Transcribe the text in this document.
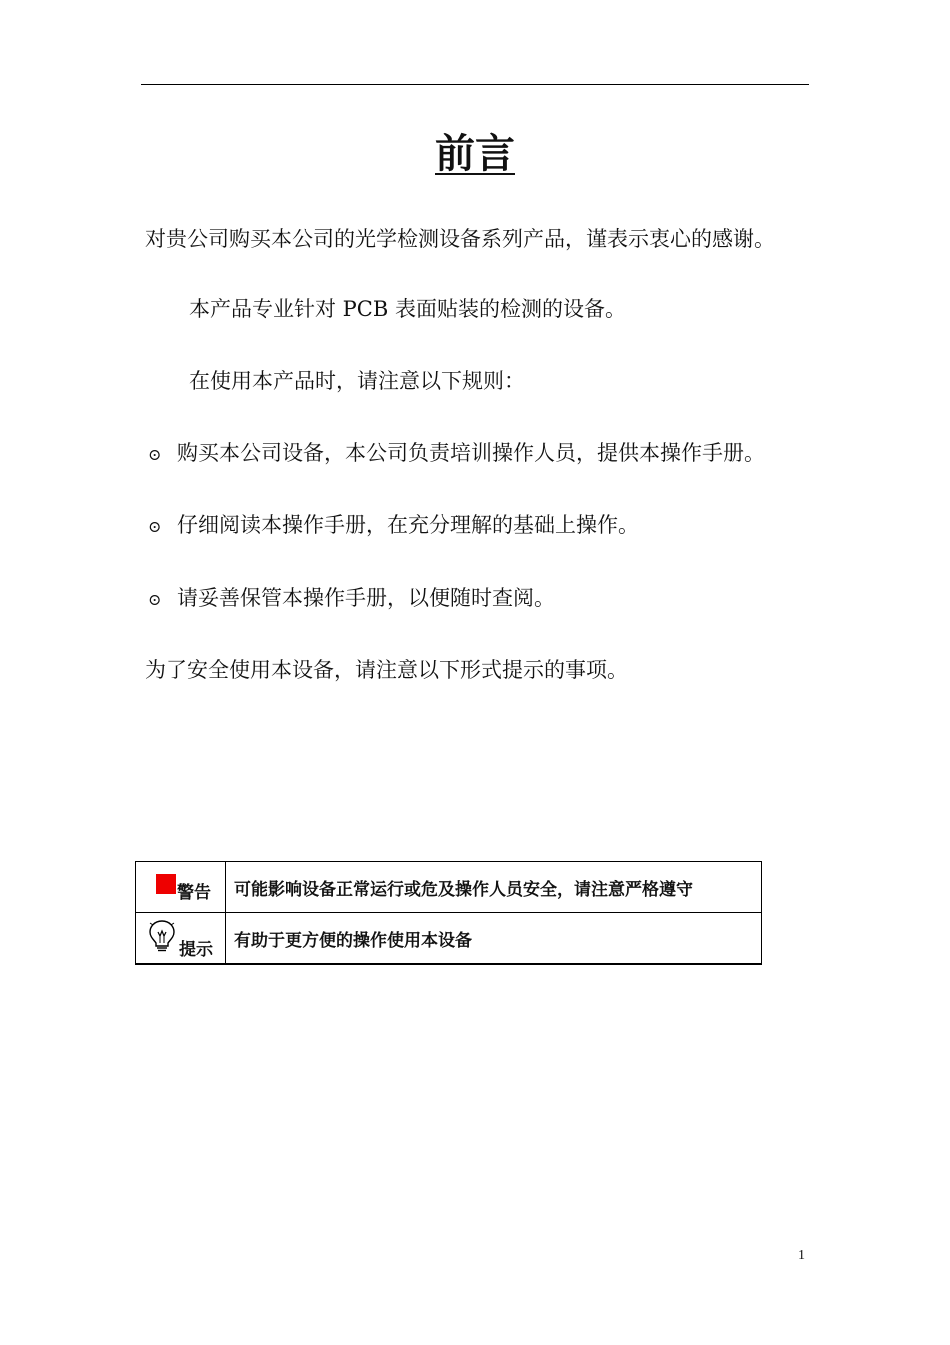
前言
对贵公司购买本公司的光学检测设备系列产品，谨表示衷心的感谢。
本产品专业针对 PCB 表面贴装的检测的设备。
在使用本产品时，请注意以下规则：
⊙ 购买本公司设备，本公司负责培训操作人员，提供本操作手册。
⊙ 仔细阅读本操作手册，在充分理解的基础上操作。
⊙ 请妥善保管本操作手册，以便随时查阅。
为了安全使用本设备，请注意以下形式提示的事项。
警告	可能影响设备正常运行或危及操作人员安全，请注意严格遵守

提示	有助于更方便的操作使用本设备
1
